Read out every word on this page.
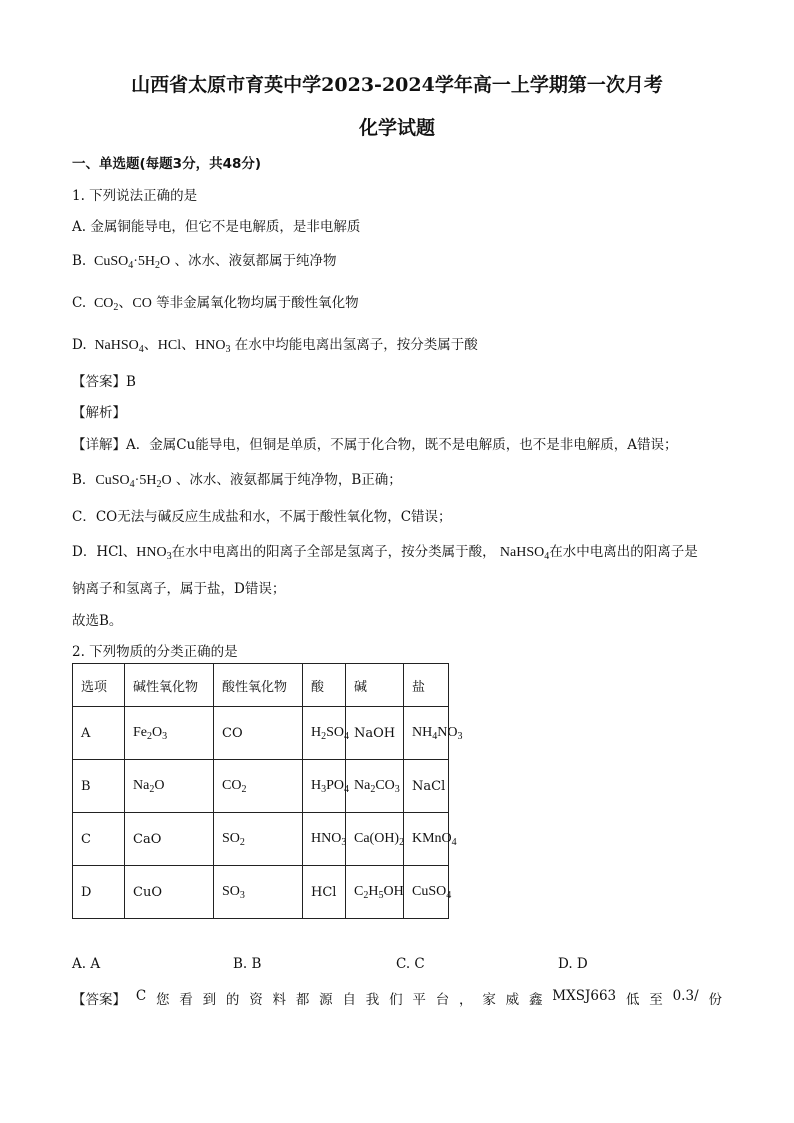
山西省太原市育英中学2023-2024学年高一上学期第一次月考
化学试题
一、单选题(每题3分，共48分)
1. 下列说法正确的是
A. 金属铜能导电，但它不是电解质，是非电解质
B.  $CuSO_4\cdot 5H_2O$ 、冰水、液氨都属于纯净物
C.  $CO_2$、CO 等非金属氧化物均属于酸性氧化物
D.  NaHSO$_4$、HCl、$HNO_3$ 在水中均能电离出氢离子，按分类属于酸
【答案】B
【解析】
【详解】A．金属Cu能导电，但铜是单质，不属于化合物，既不是电解质，也不是非电解质，A错误；
B．$CuSO_4\cdot 5H_2O$ 、冰水、液氨都属于纯净物，B正确；
C．CO无法与碱反应生成盐和水，不属于酸性氧化物，C错误；
D．HCl、$HNO_3$在水中电离出的阳离子全部是氢离子，按分类属于酸， NaHSO$_4$在水中电离出的阳离子是
钠离子和氢离子，属于盐，D错误；
故选B。
2. 下列物质的分类正确的是
选项	碱性氧化物	酸性氧化物	酸	碱	盐
A	$Fe_2O_3$	CO	$H_2SO_4$	NaOH	$NH_4NO_3$

B	$Na_2O$	$CO_2$	$H_3PO_4$	$Na_2CO_3$	NaCl
C	CaO	$SO_2$	$HNO_3$	$Ca(OH)_2$	KMnO$_4$

D	CuO	$SO_3$	HCl	$C_2H_5OH$	CuSO$_4$
A. A	B. B	C. C	D. D
【答案】 C 您 看 到 的 资 料 都 源 自 我 们 平 台 ， 家 威 鑫 MXSJ663 低 至 0.3/ 份
